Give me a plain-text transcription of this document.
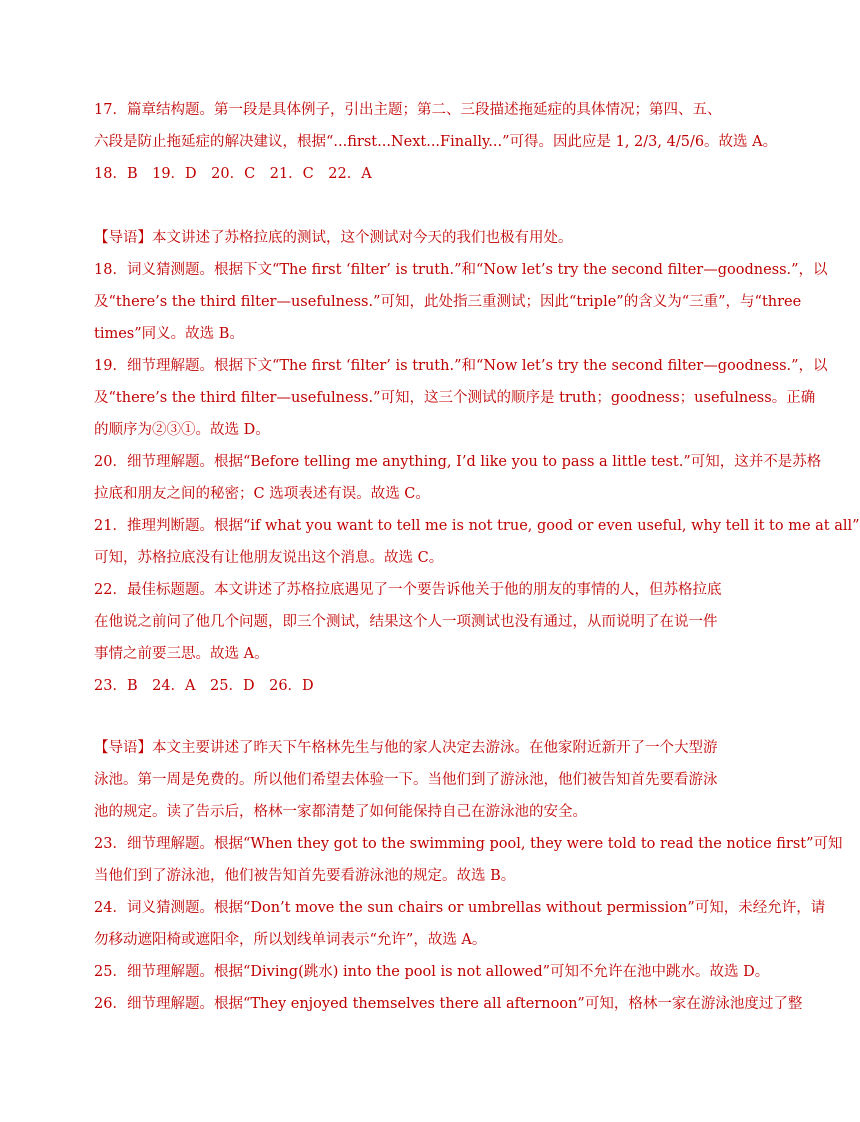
17．篇章结构题。第一段是具体例子，引出主题；第二、三段描述拖延症的具体情况；第四、五、
六段是防止拖延症的解决建议，根据“...first...Next...Finally...”可得。因此应是 1, 2/3, 4/5/6。故选 A。
18．B　19．D　20．C　21．C　22．A
【导语】本文讲述了苏格拉底的测试，这个测试对今天的我们也极有用处。
18．词义猜测题。根据下文“The first ‘filter’ is truth.”和“Now let’s try the second filter—goodness.”，以
及“there’s the third filter—usefulness.”可知，此处指三重测试；因此“triple”的含义为“三重”，与“three
times”同义。故选 B。
19．细节理解题。根据下文“The first ‘filter’ is truth.”和“Now let’s try the second filter—goodness.”，以
及“there’s the third filter—usefulness.”可知，这三个测试的顺序是 truth；goodness；usefulness。正确
的顺序为②③①。故选 D。
20．细节理解题。根据“Before telling me anything, I’d like you to pass a little test.”可知，这并不是苏格
拉底和朋友之间的秘密；C 选项表述有误。故选 C。
21．推理判断题。根据“if what you want to tell me is not true, good or even useful, why tell it to me at all”
可知，苏格拉底没有让他朋友说出这个消息。故选 C。
22．最佳标题题。本文讲述了苏格拉底遇见了一个要告诉他关于他的朋友的事情的人，但苏格拉底
在他说之前问了他几个问题，即三个测试，结果这个人一项测试也没有通过，从而说明了在说一件
事情之前要三思。故选 A。
23．B　24．A　25．D　26．D
【导语】本文主要讲述了昨天下午格林先生与他的家人决定去游泳。在他家附近新开了一个大型游
泳池。第一周是免费的。所以他们希望去体验一下。当他们到了游泳池，他们被告知首先要看游泳
池的规定。读了告示后，格林一家都清楚了如何能保持自己在游泳池的安全。
23．细节理解题。根据“When they got to the swimming pool, they were told to read the notice first”可知
当他们到了游泳池，他们被告知首先要看游泳池的规定。故选 B。
24．词义猜测题。根据“Don’t move the sun chairs or umbrellas without permission”可知，未经允许，请
勿移动遮阳椅或遮阳伞，所以划线单词表示“允许”，故选 A。
25．细节理解题。根据“Diving(跳水) into the pool is not allowed”可知不允许在池中跳水。故选 D。
26．细节理解题。根据“They enjoyed themselves there all afternoon”可知，格林一家在游泳池度过了整
